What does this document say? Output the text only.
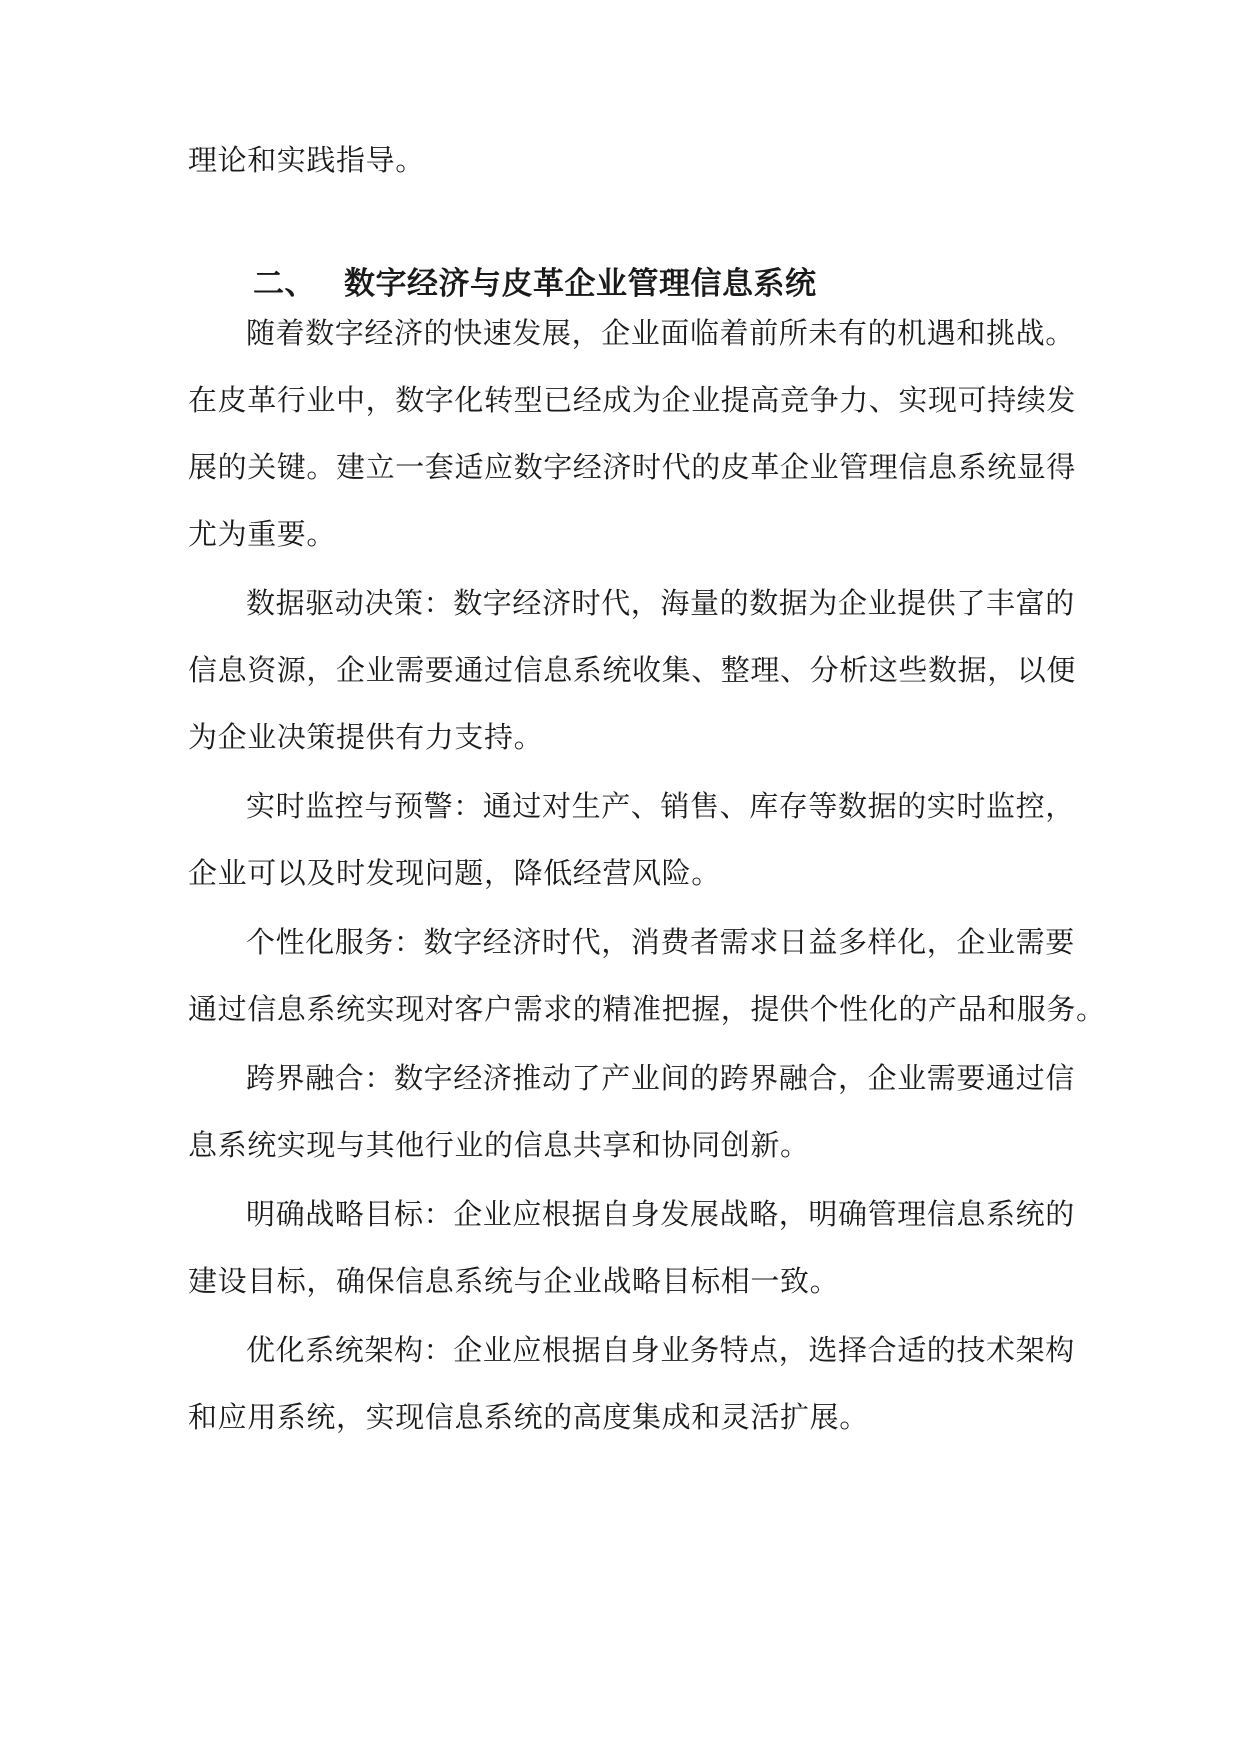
理论和实践指导。
二、 数字经济与皮革企业管理信息系统
随着数字经济的快速发展，企业面临着前所未有的机遇和挑战。
在皮革行业中，数字化转型已经成为企业提高竞争力、实现可持续发
展的关键。建立一套适应数字经济时代的皮革企业管理信息系统显得
尤为重要。
数据驱动决策：数字经济时代，海量的数据为企业提供了丰富的
信息资源，企业需要通过信息系统收集、整理、分析这些数据，以便
为企业决策提供有力支持。
实时监控与预警：通过对生产、销售、库存等数据的实时监控，
企业可以及时发现问题，降低经营风险。
个性化服务：数字经济时代，消费者需求日益多样化，企业需要
通过信息系统实现对客户需求的精准把握，提供个性化的产品和服务。
跨界融合：数字经济推动了产业间的跨界融合，企业需要通过信
息系统实现与其他行业的信息共享和协同创新。
明确战略目标：企业应根据自身发展战略，明确管理信息系统的
建设目标，确保信息系统与企业战略目标相一致。
优化系统架构：企业应根据自身业务特点，选择合适的技术架构
和应用系统，实现信息系统的高度集成和灵活扩展。
